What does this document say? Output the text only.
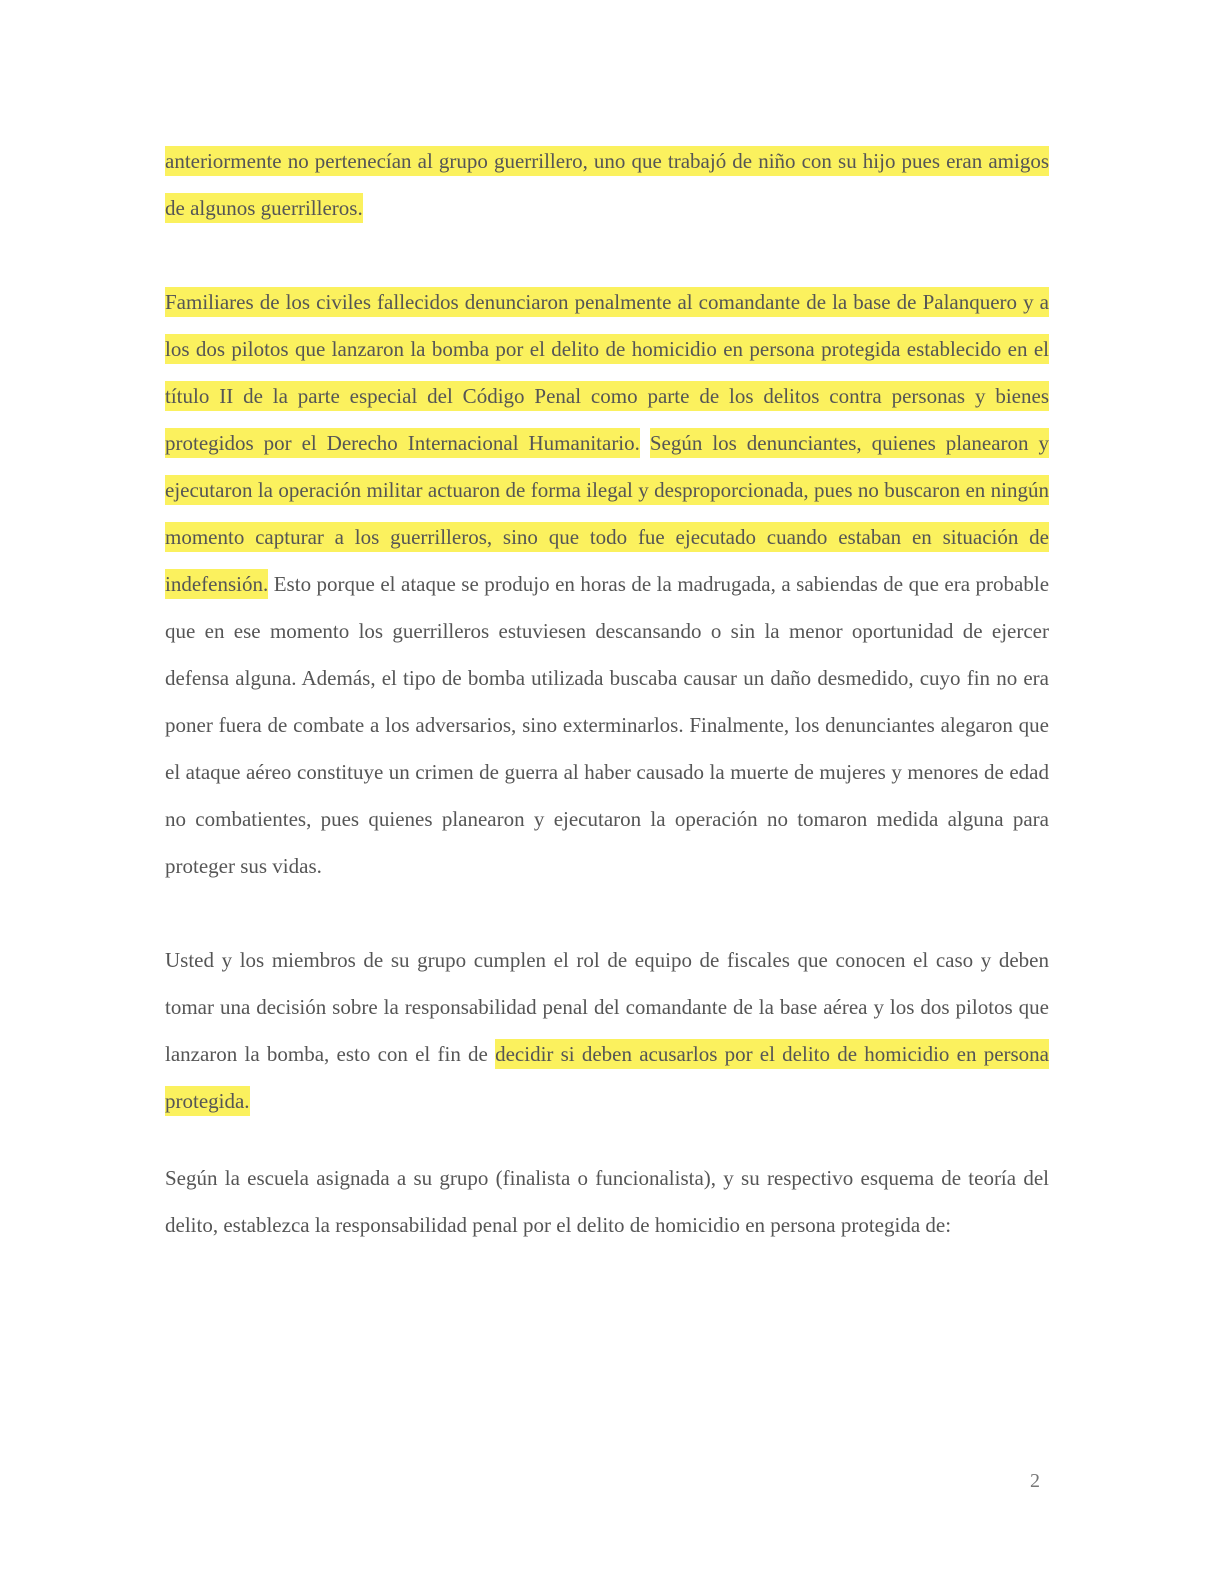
anteriormente no pertenecían al grupo guerrillero, uno que trabajó de niño con su hijo pues eran amigos de algunos guerrilleros.

Familiares de los civiles fallecidos denunciaron penalmente al comandante de la base de Palanquero y a los dos pilotos que lanzaron la bomba por el delito de homicidio en persona protegida establecido en el título II de la parte especial del Código Penal como parte de los delitos contra personas y bienes protegidos por el Derecho Internacional Humanitario. Según los denunciantes, quienes planearon y ejecutaron la operación militar actuaron de forma ilegal y desproporcionada, pues no buscaron en ningún momento capturar a los guerrilleros, sino que todo fue ejecutado cuando estaban en situación de indefensión. Esto porque el ataque se produjo en horas de la madrugada, a sabiendas de que era probable que en ese momento los guerrilleros estuviesen descansando o sin la menor oportunidad de ejercer defensa alguna. Además, el tipo de bomba utilizada buscaba causar un daño desmedido, cuyo fin no era poner fuera de combate a los adversarios, sino exterminarlos. Finalmente, los denunciantes alegaron que el ataque aéreo constituye un crimen de guerra al haber causado la muerte de mujeres y menores de edad no combatientes, pues quienes planearon y ejecutaron la operación no tomaron medida alguna para proteger sus vidas.

Usted y los miembros de su grupo cumplen el rol de equipo de fiscales que conocen el caso y deben tomar una decisión sobre la responsabilidad penal del comandante de la base aérea y los dos pilotos que lanzaron la bomba, esto con el fin de decidir si deben acusarlos por el delito de homicidio en persona protegida.

Según la escuela asignada a su grupo (finalista o funcionalista), y su respectivo esquema de teoría del delito, establezca la responsabilidad penal por el delito de homicidio en persona protegida de:

2
